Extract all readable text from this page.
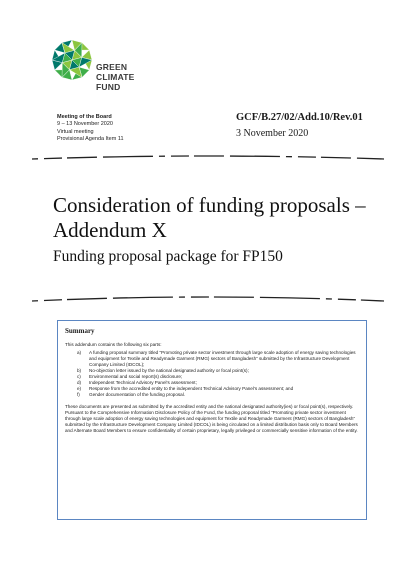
GREEN
CLIMATE
FUND
Meeting of the Board
9 – 13 November 2020
Virtual meeting
Provisional Agenda Item 11
GCF/B.27/02/Add.10/Rev.01
3 November 2020
Consideration of funding proposals – Addendum X
Funding proposal package for FP150
Summary
This addendum contains the following six parts:
a)	A funding proposal summary titled “Promoting private sector investment through large scale adoption of energy saving technologies and equipment for Textile and Readymade Garment (RMG) sectors of Bangladesh” submitted by the Infrastructure Development Company Limited (IDCOL);
b)	No-objection letter issued by the national designated authority or focal point(s);
c)	Environmental and social report(s) disclosure;
d)	Independent Technical Advisory Panel’s assessment;
e)	Response from the accredited entity to the independent Technical Advisory Panel’s assessment; and
f)	Gender documentation of the funding proposal.
These documents are presented as submitted by the accredited entity and the national designated authority(ies) or focal point(s), respectively. Pursuant to the Comprehensive Information Disclosure Policy of the Fund, the funding proposal titled “Promoting private sector investment through large scale adoption of energy saving technologies and equipment for Textile and Readymade Garment (RMG) sectors of Bangladesh” submitted by the Infrastructure Development Company Limited (IDCOL) is being circulated on a limited distribution basis only to Board Members and Alternate Board Members to ensure confidentiality of certain proprietary, legally privileged or commercially sensitive information of the entity.
